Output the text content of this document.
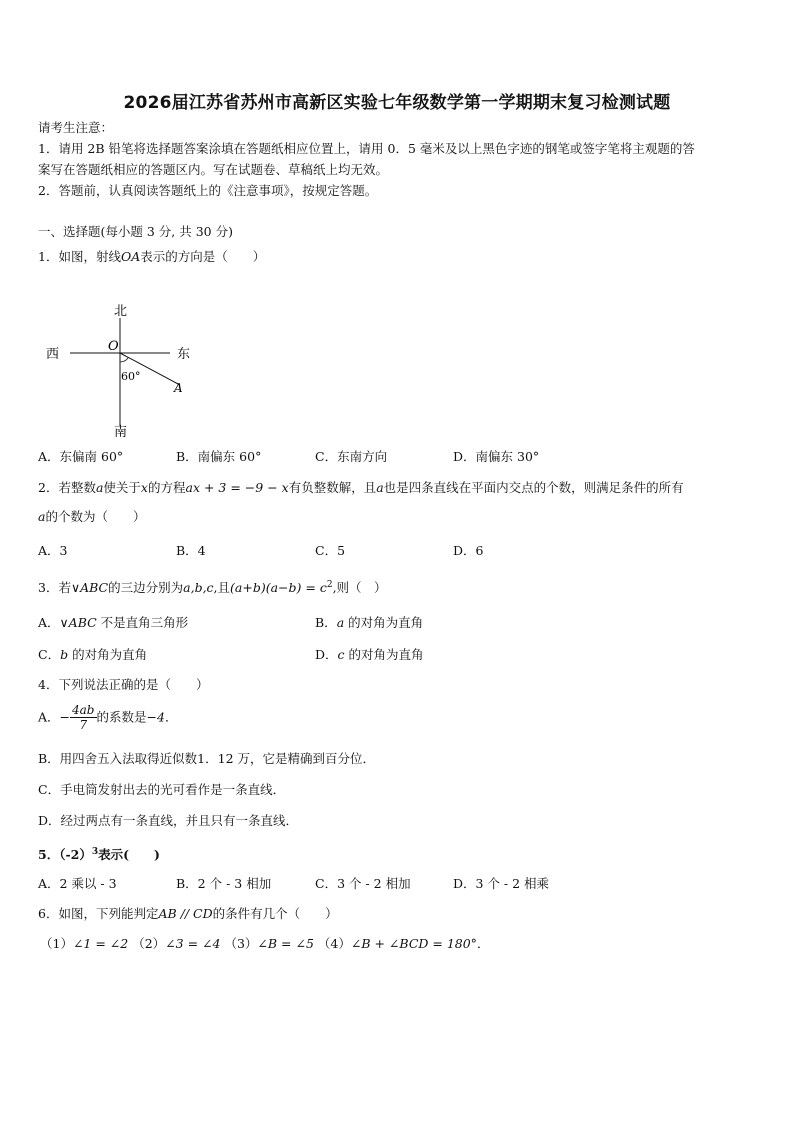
2026届江苏省苏州市高新区实验七年级数学第一学期期末复习检测试题
请考生注意：
1．请用 2B 铅笔将选择题答案涂填在答题纸相应位置上，请用 0．5 毫米及以上黑色字迹的钢笔或签字笔将主观题的答
案写在答题纸相应的答题区内。写在试题卷、草稿纸上均无效。
2．答题前，认真阅读答题纸上的《注意事项》，按规定答题。
一、选择题(每小题 3 分, 共 30 分)
1．如图，射线OA表示的方向是（　　）
北
南
西	东
O
60°
A
A．东偏南 60°	B．南偏东 60°	C．东南方向	D．南偏东 30°
2．若整数a使关于x的方程ax + 3 = −9 − x有负整数解，且a也是四条直线在平面内交点的个数，则满足条件的所有
a的个数为（　　）
A．3	B．4	C．5	D．6
3．若∨ABC的三边分别为a,b,c,且$(a+b)(a-b) = c^2$,则（　）
A．∨ABC 不是直角三角形	B．a 的对角为直角
C．b 的对角为直角	D．c 的对角为直角
4．下列说法正确的是（　　）
A．− $\frac{4ab}{7}$ 的系数是−4．
B．用四舍五入法取得近似数1．12 万，它是精确到百分位．
C．手电筒发射出去的光可看作是一条直线．
D．经过两点有一条直线，并且只有一条直线．
5．$(-2)^3$表示(　　)
A．2 乘以 - 3	B．2 个 - 3 相加	C．3 个 - 2 相加	D．3 个 - 2 相乘
6．如图，下列能判定AB // CD的条件有几个（　　）
（1）∠1 = ∠2 （2）∠3 = ∠4 （3）∠B = ∠5 （4）∠B + ∠BCD = 180°．
